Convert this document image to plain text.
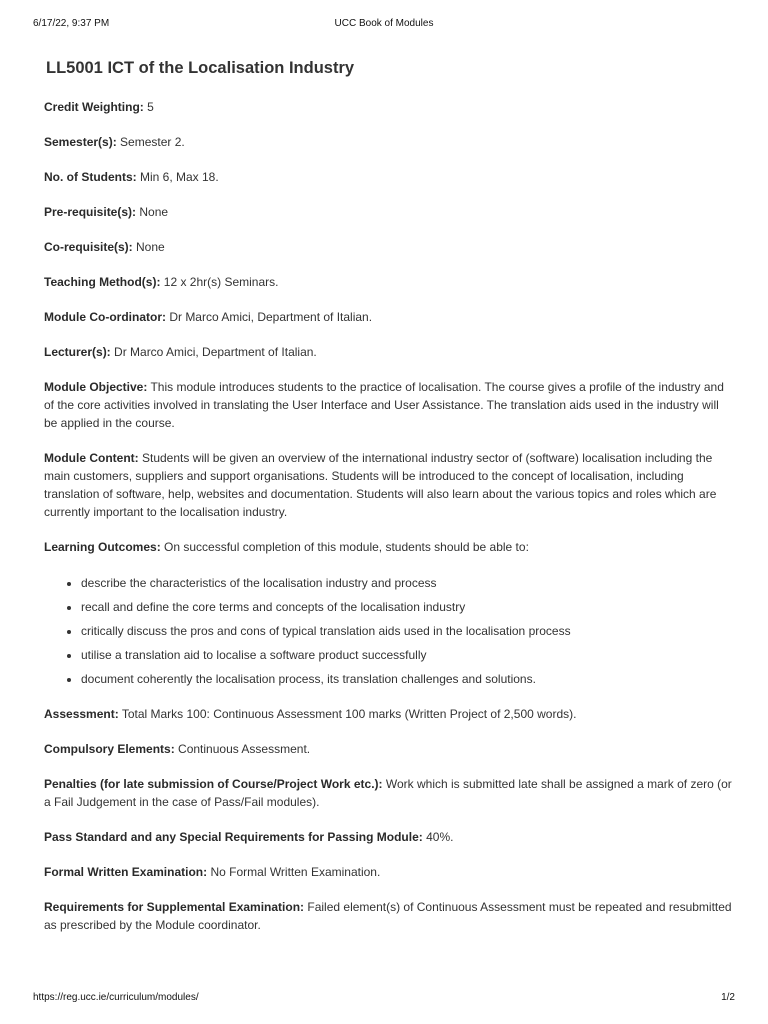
6/17/22, 9:37 PM	UCC Book of Modules
LL5001 ICT of the Localisation Industry

Credit Weighting: 5

Semester(s): Semester 2.

No. of Students: Min 6, Max 18.

Pre-requisite(s): None

Co-requisite(s): None

Teaching Method(s): 12 x 2hr(s) Seminars.

Module Co-ordinator: Dr Marco Amici, Department of Italian.

Lecturer(s): Dr Marco Amici, Department of Italian.

Module Objective: This module introduces students to the practice of localisation. The course gives a profile of the industry and of the core activities involved in translating the User Interface and User Assistance. The translation aids used in the industry will be applied in the course.

Module Content: Students will be given an overview of the international industry sector of (software) localisation including the main customers, suppliers and support organisations. Students will be introduced to the concept of localisation, including translation of software, help, websites and documentation. Students will also learn about the various topics and roles which are currently important to the localisation industry.

Learning Outcomes: On successful completion of this module, students should be able to:

• describe the characteristics of the localisation industry and process
• recall and define the core terms and concepts of the localisation industry
• critically discuss the pros and cons of typical translation aids used in the localisation process
• utilise a translation aid to localise a software product successfully
• document coherently the localisation process, its translation challenges and solutions.

Assessment: Total Marks 100: Continuous Assessment 100 marks (Written Project of 2,500 words).

Compulsory Elements: Continuous Assessment.

Penalties (for late submission of Course/Project Work etc.): Work which is submitted late shall be assigned a mark of zero (or a Fail Judgement in the case of Pass/Fail modules).

Pass Standard and any Special Requirements for Passing Module: 40%.

Formal Written Examination: No Formal Written Examination.

Requirements for Supplemental Examination: Failed element(s) of Continuous Assessment must be repeated and resubmitted as prescribed by the Module coordinator.

https://reg.ucc.ie/curriculum/modules/	1/2
